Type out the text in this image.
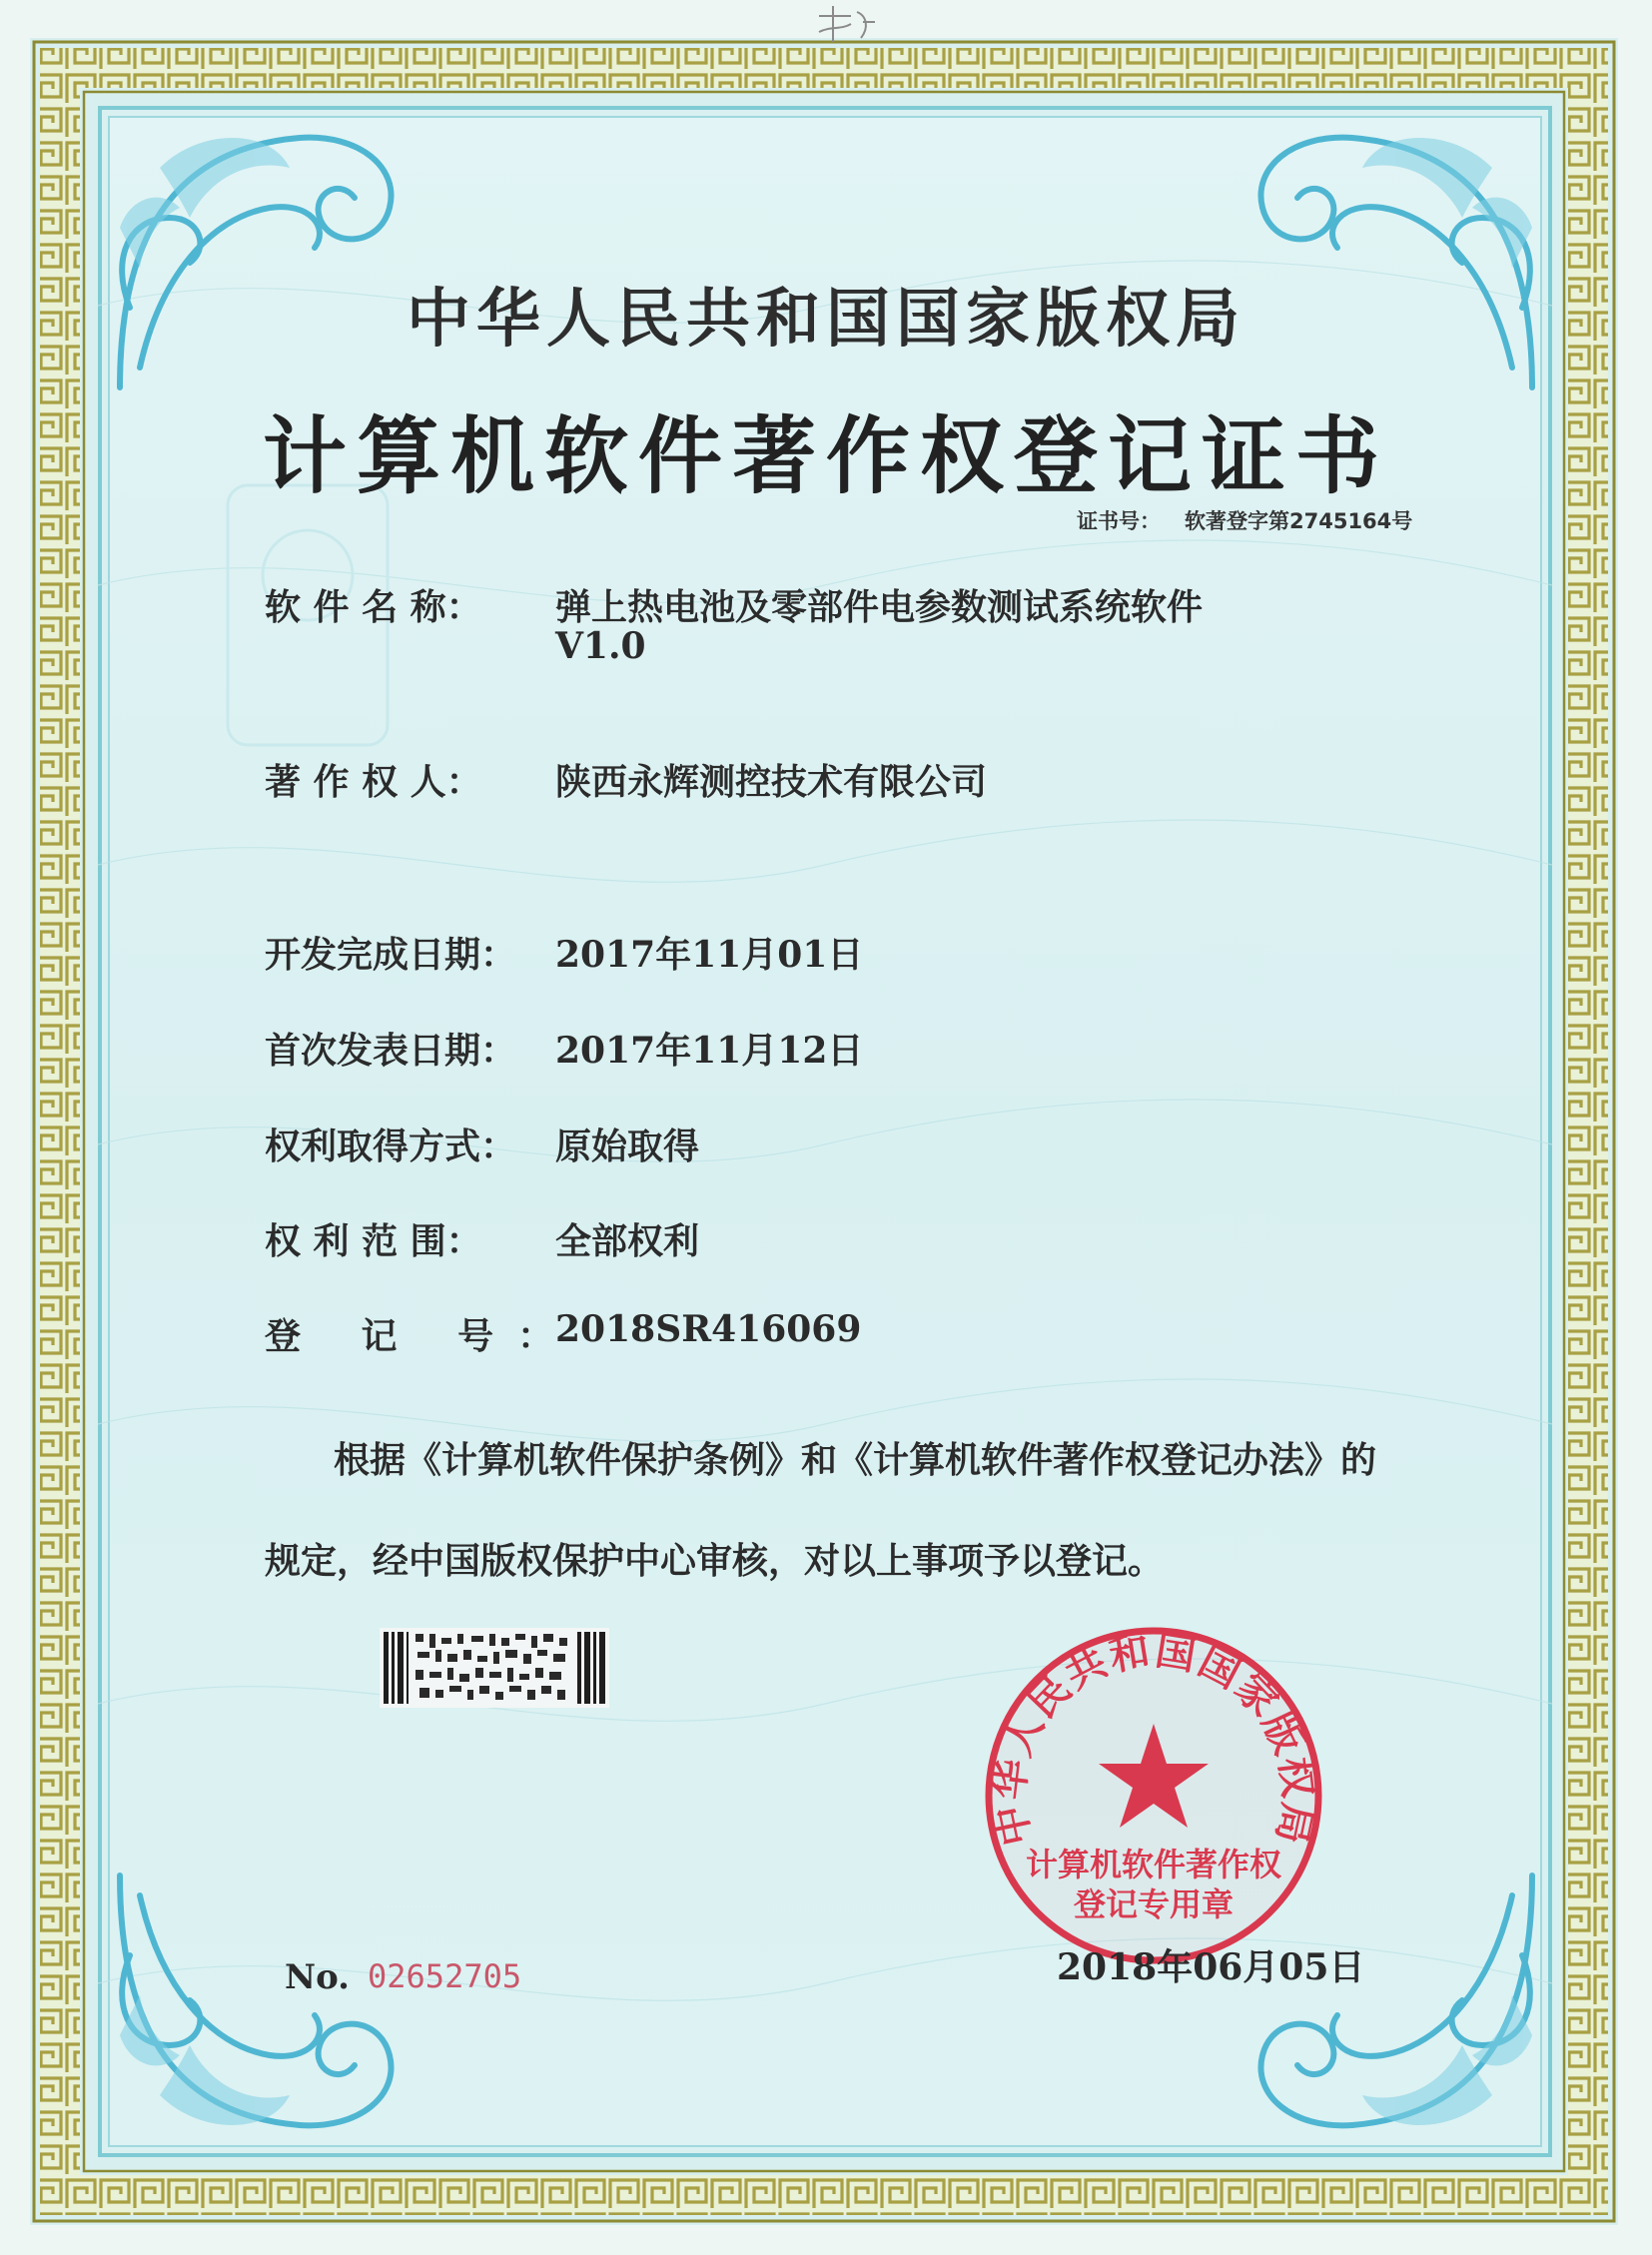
中华人民共和国国家版权局
计算机软件著作权登记证书
证书号： 软著登字第2745164号
软 件 名 称： 弹上热电池及零部件电参数测试系统软件
V1.0
著 作 权 人： 陕西永辉测控技术有限公司
开发完成日期： 2017年11月01日
首次发表日期： 2017年11月12日
权利取得方式： 原始取得
权 利 范 围： 全部权利
登 记 号：
2018SR416069
根据《计算机软件保护条例》和《计算机软件著作权登记办法》的
规定，经中国版权保护中心审核，对以上事项予以登记。
No. 02652705
中华人民共和国国家版权局
计算机软件著作权
登记专用章
2018年06月05日
